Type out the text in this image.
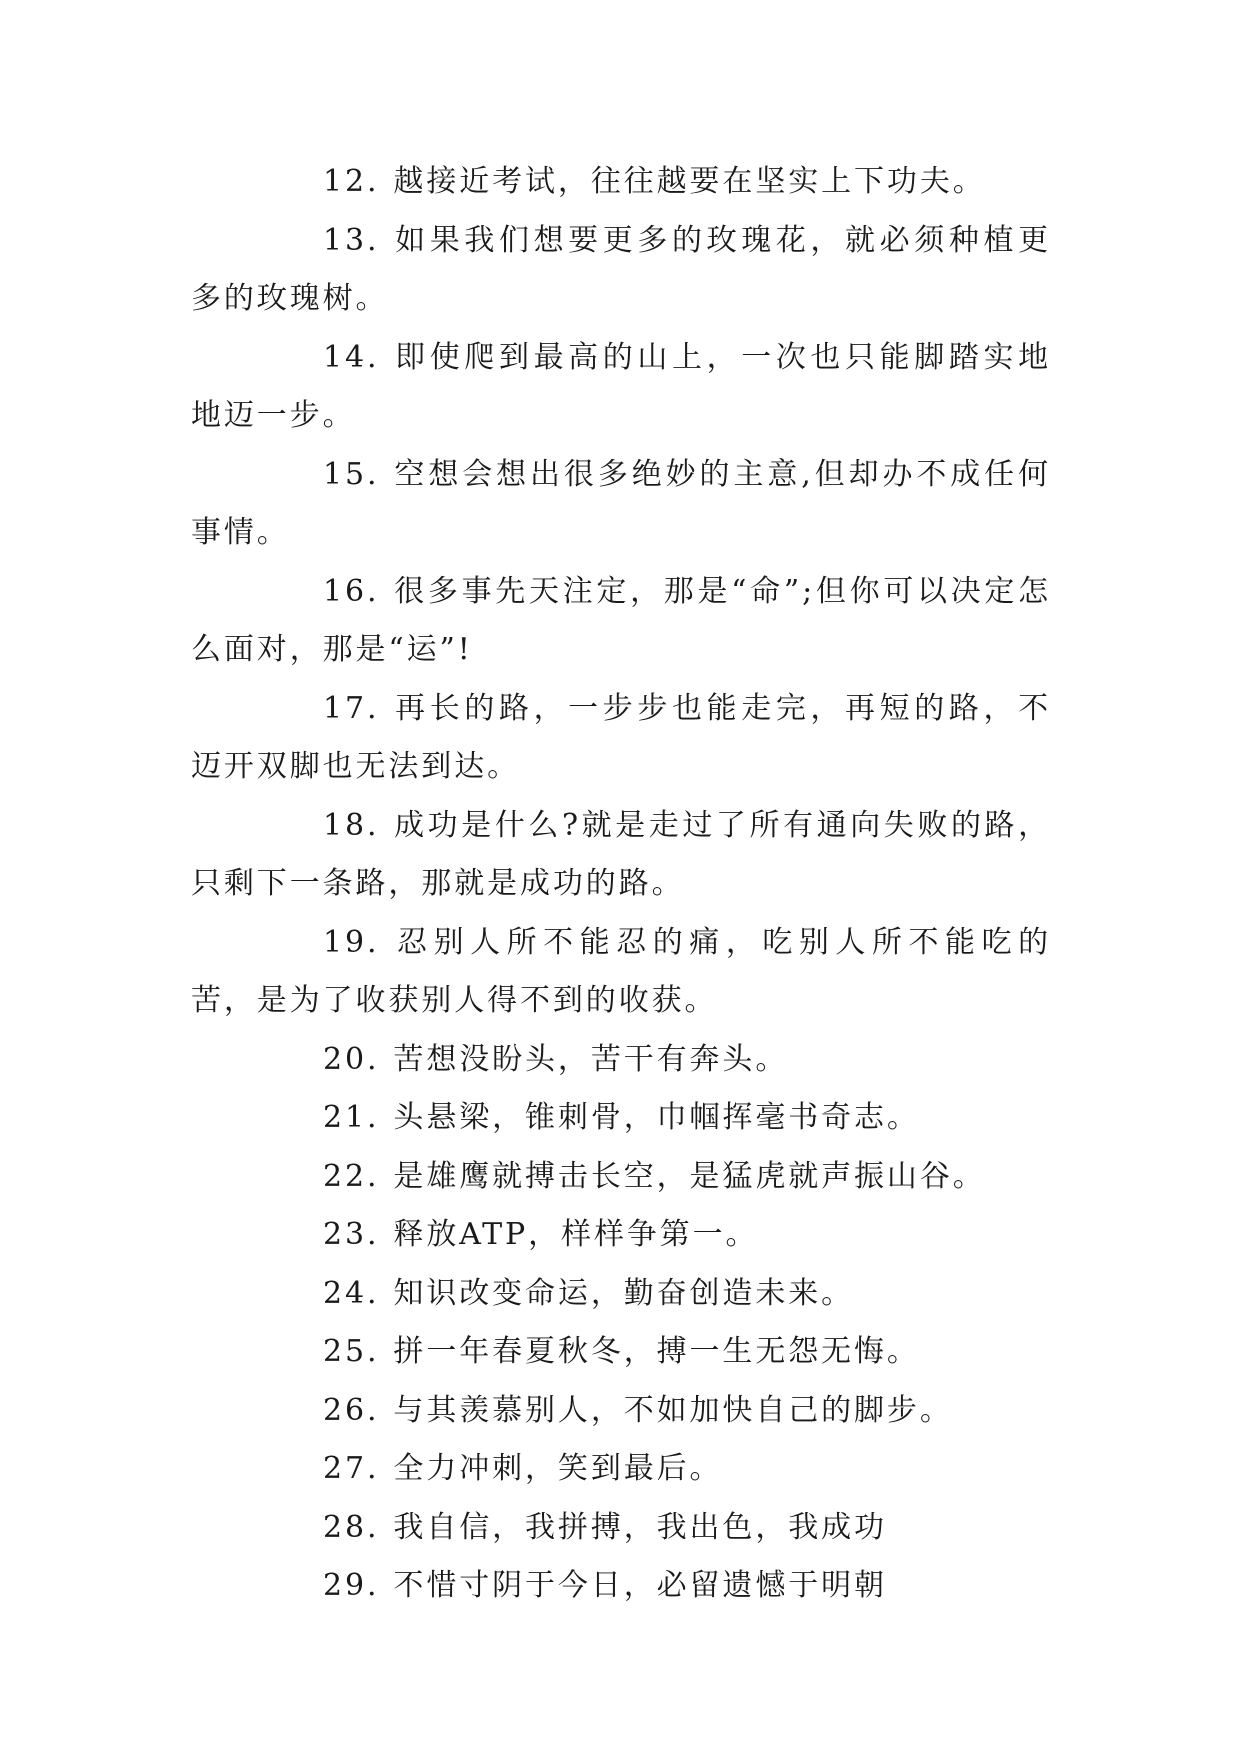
12. 越接近考试，往往越要在坚实上下功夫。

13. 如果我们想要更多的玫瑰花，就必须种植更多的玫瑰树。

14. 即使爬到最高的山上，一次也只能脚踏实地地迈一步。

15. 空想会想出很多绝妙的主意,但却办不成任何事情。

16. 很多事先天注定，那是“命”;但你可以决定怎么面对，那是“运”!

17. 再长的路，一步步也能走完，再短的路，不迈开双脚也无法到达。

18. 成功是什么?就是走过了所有通向失败的路，只剩下一条路，那就是成功的路。

19. 忍别人所不能忍的痛，吃别人所不能吃的苦，是为了收获别人得不到的收获。

20. 苦想没盼头，苦干有奔头。

21. 头悬梁，锥刺骨，巾帼挥毫书奇志。

22. 是雄鹰就搏击长空，是猛虎就声振山谷。

23. 释放ATP，样样争第一。

24. 知识改变命运，勤奋创造未来。

25. 拼一年春夏秋冬，搏一生无怨无悔。

26. 与其羡慕别人，不如加快自己的脚步。

27. 全力冲刺，笑到最后。

28. 我自信，我拼搏，我出色，我成功

29. 不惜寸阴于今日，必留遗憾于明朝
